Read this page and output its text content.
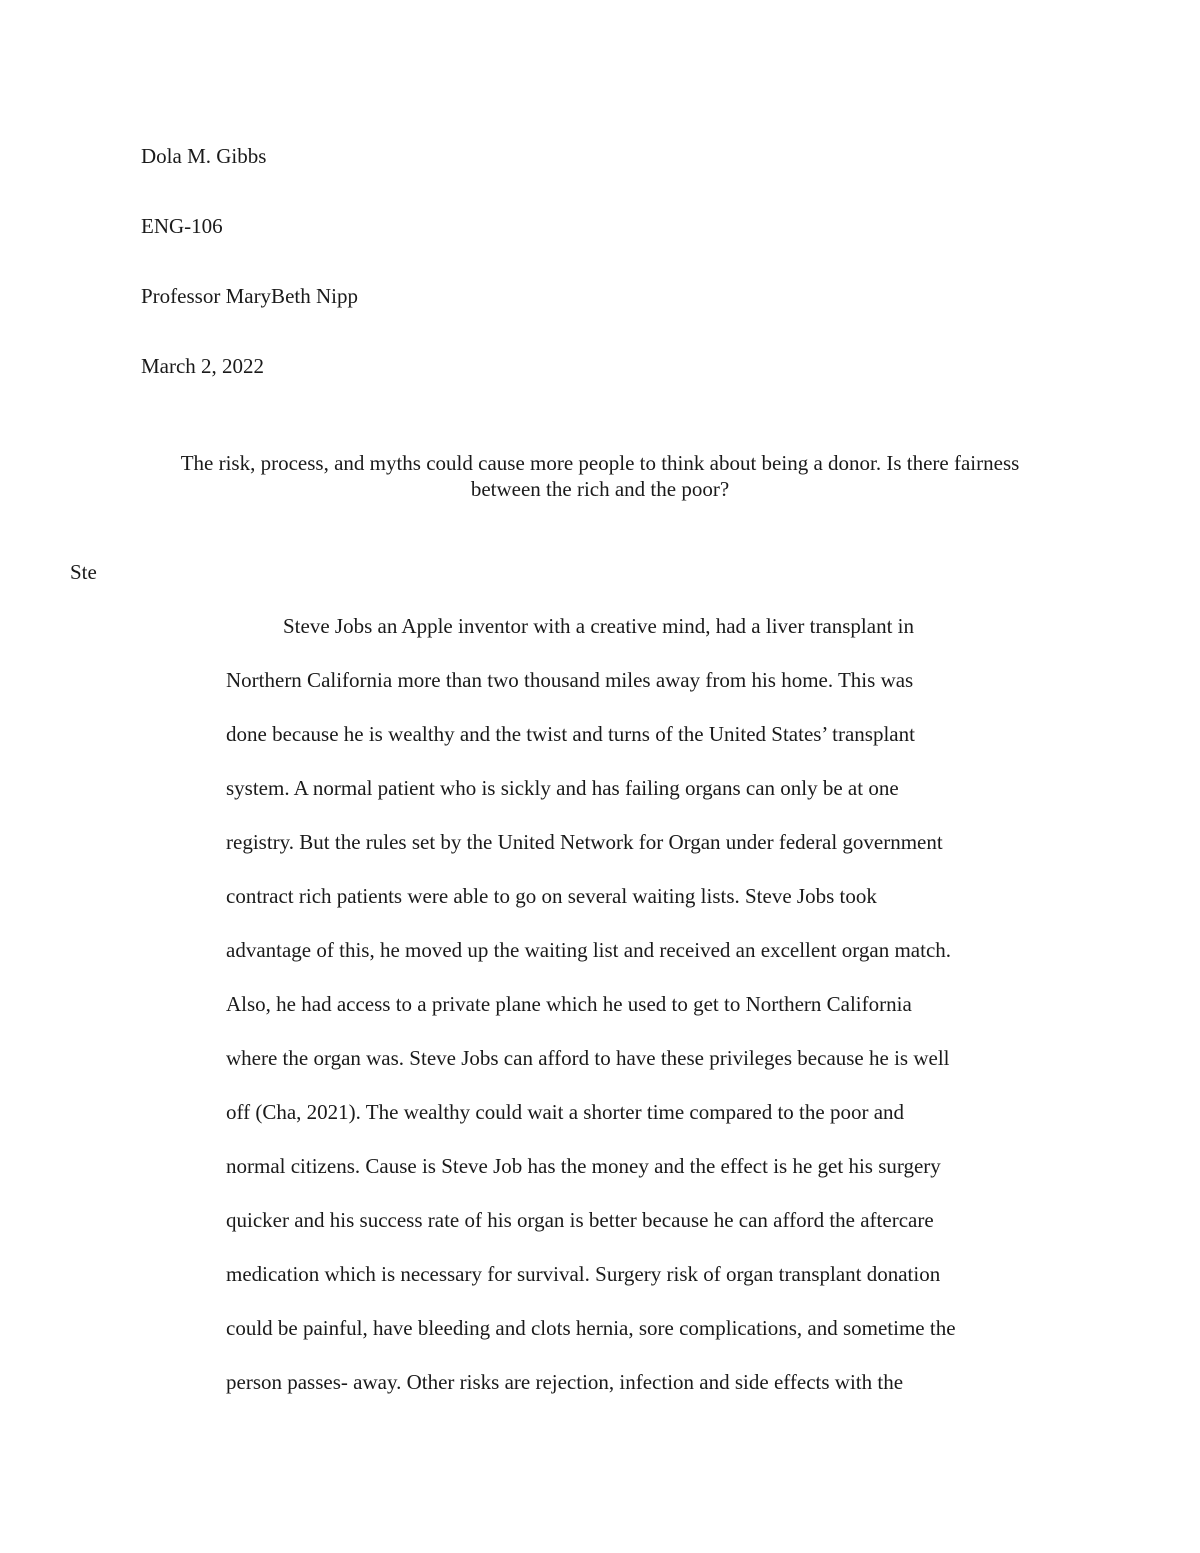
Dola M. Gibbs
ENG-106
Professor MaryBeth Nipp
March 2, 2022
The risk, process, and myths could cause more people to think about being a donor. Is there fairness between the rich and the poor?
Ste
Steve Jobs an Apple inventor with a creative mind, had a liver transplant in
Northern California more than two thousand miles away from his home. This was
done because he is wealthy and the twist and turns of the United States’ transplant
system. A normal patient who is sickly and has failing organs can only be at one
registry. But the rules set by the United Network for Organ under federal government
contract rich patients were able to go on several waiting lists. Steve Jobs took
advantage of this, he moved up the waiting list and received an excellent organ match.
Also, he had access to a private plane which he used to get to Northern California
where the organ was. Steve Jobs can afford to have these privileges because he is well
off (Cha, 2021). The wealthy could wait a shorter time compared to the poor and
normal citizens. Cause is Steve Job has the money and the effect is he get his surgery
quicker and his success rate of his organ is better because he can afford the aftercare
medication which is necessary for survival. Surgery risk of organ transplant donation
could be painful, have bleeding and clots hernia, sore complications, and sometime the
person passes- away. Other risks are rejection, infection and side effects with the
